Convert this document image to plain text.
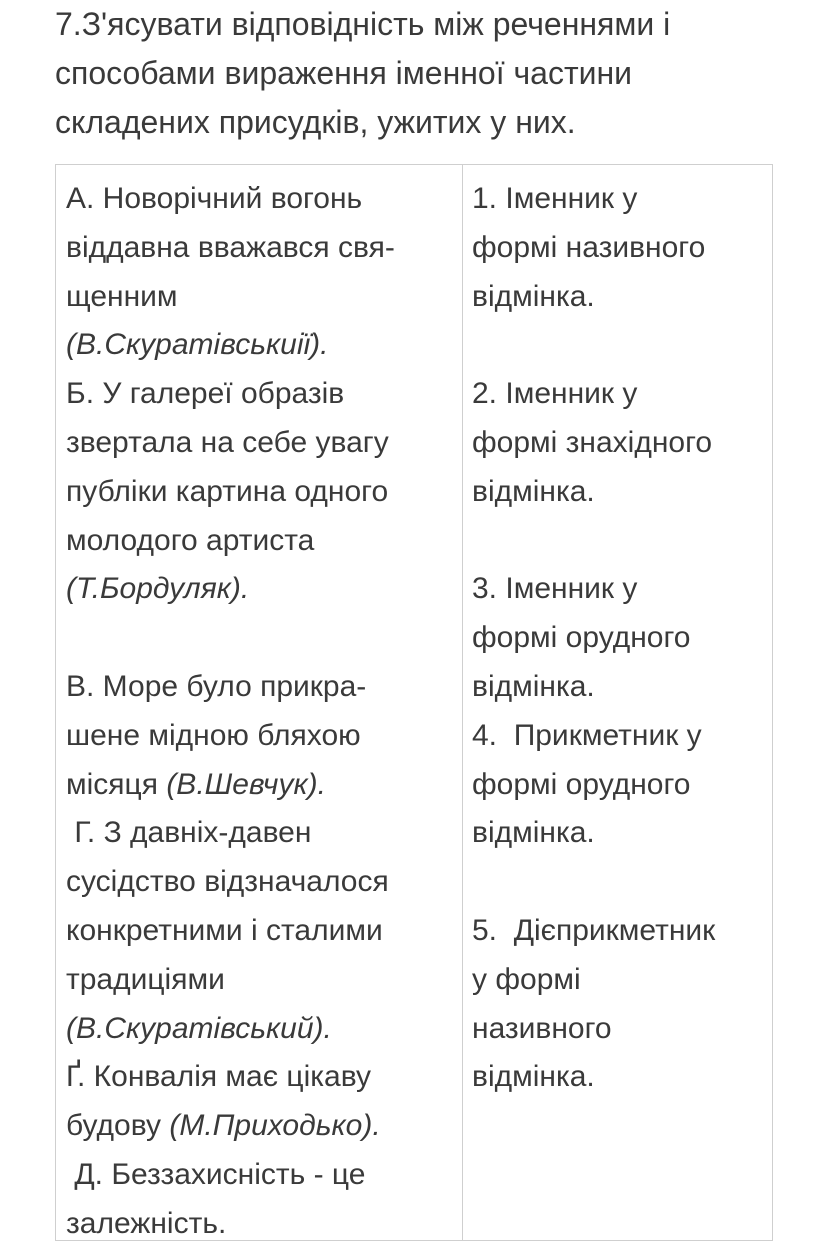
7.З'ясувати відповідність між реченнями і
способами вираження іменної частини
складених присудків, ужитих у них.
А. Новорічний вогонь
віддавна вважався свя-
щенним
(В.Скуратівськиії).
Б. У галереї образів
звертала на себе увагу
публіки картина одного
молодого артиста
(Т.Бордуляк).
В. Море було прикра-
шене мідною бляхою
місяця (В.Шевчук).
Г. З давніх-давен
сусідство відзначалося
конкретними і сталими
традиціями
(В.Скуратівський).
Ґ. Конвалія має цікаву
будову (М.Приходько).
Д. Беззахисність - це
залежність.
1. Іменник у
формі називного
відмінка.
2. Іменник у
формі знахідного
відмінка.
3. Іменник у
формі орудного
відмінка.
4.  Прикметник у
формі орудного
відмінка.
5.  Дієприкметник
у формі
називного
відмінка.
